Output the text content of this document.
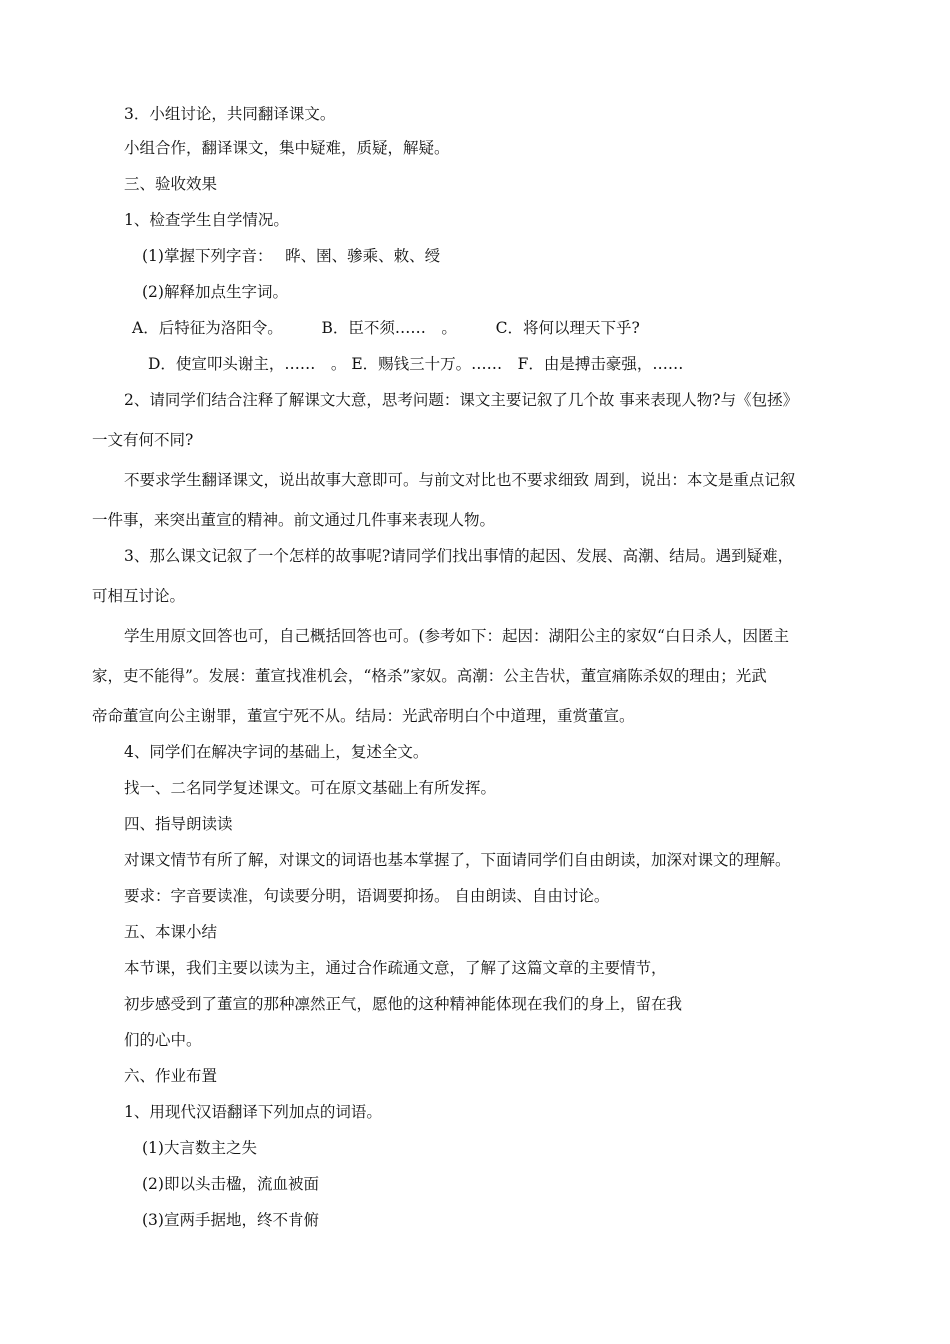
3．小组讨论，共同翻译课文。
小组合作，翻译课文，集中疑难，质疑，解疑。
三、验收效果
1、检查学生自学情况。
(1)掌握下列字音：　 晔、圉、骖乘、敕、绶
(2)解释加点生字词。
A．后特征为洛阳令。　　　B．臣不须……　。　　　C．将何以理天下乎?
D．使宣叩头谢主，……　。 E．赐钱三十万。……　F．由是搏击豪强，……
2、请同学们结合注释了解课文大意，思考问题：课文主要记叙了几个故 事来表现人物?与《包拯》
一文有何不同?
不要求学生翻译课文，说出故事大意即可。与前文对比也不要求细致 周到，说出：本文是重点记叙
一件事，来突出董宣的精神。前文通过几件事来表现人物。
3、那么课文记叙了一个怎样的故事呢?请同学们找出事情的起因、发展、高潮、结局。遇到疑难，
可相互讨论。
学生用原文回答也可，自己概括回答也可。(参考如下：起因：湖阳公主的家奴“白日杀人，因匿主
家，吏不能得”。发展：董宣找准机会，“格杀”家奴。高潮：公主告状，董宣痛陈杀奴的理由；光武
帝命董宣向公主谢罪，董宣宁死不从。结局：光武帝明白个中道理，重赏董宣。
4、同学们在解决字词的基础上，复述全文。
找一、二名同学复述课文。可在原文基础上有所发挥。
四、指导朗读读
对课文情节有所了解，对课文的词语也基本掌握了，下面请同学们自由朗读，加深对课文的理解。
要求：字音要读准，句读要分明，语调要抑扬。 自由朗读、自由讨论。
五、本课小结
本节课，我们主要以读为主，通过合作疏通文意，了解了这篇文章的主要情节，
初步感受到了董宣的那种凛然正气，愿他的这种精神能体现在我们的身上，留在我
们的心中。
六、作业布置
1、用现代汉语翻译下列加点的词语。
(1)大言数主之失
(2)即以头击楹，流血被面
(3)宣两手据地，终不肯俯
